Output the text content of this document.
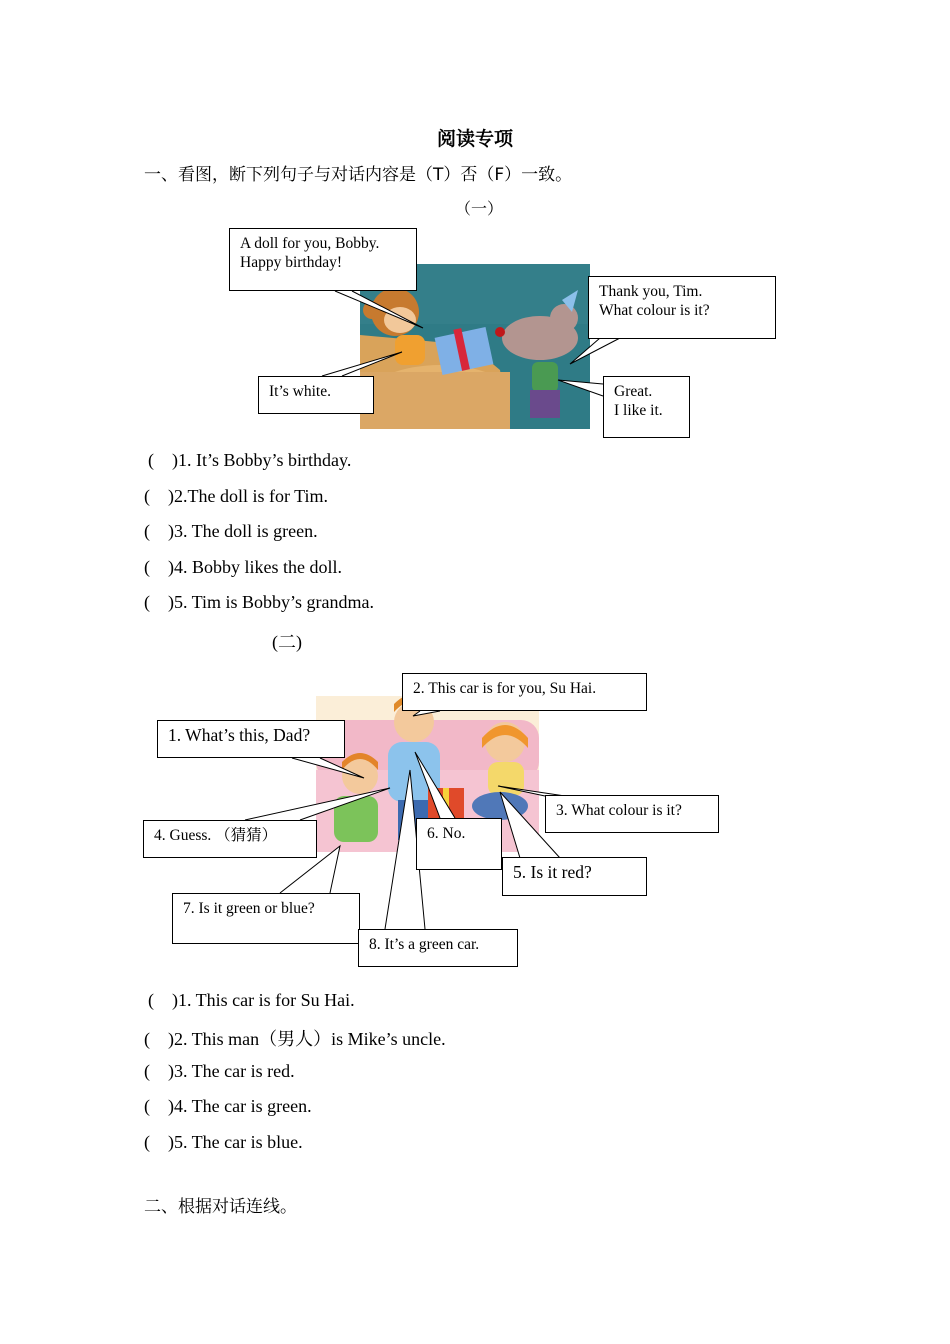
阅读专项
一、看图，断下列句子与对话内容是（T）否（F）一致。
（一）
A doll for you, Bobby.
Happy birthday!
Thank you, Tim.
What colour is it?
It’s white.	Great.
I like it.
( )1. It’s Bobby’s birthday.
( )2.The doll is for Tim.
( )3. The doll is green.
( )4. Bobby likes the doll.
( )5. Tim is Bobby’s grandma.
(二)
2. This car is for you, Su Hai.
1. What’s this, Dad?
3. What colour is it?
4. Guess. （猜猜）	6. No.
5. Is it red?
7. Is it green or blue?
8. It’s a green car.
( )1. This car is for Su Hai.
( )2. This man（男人）is Mike’s uncle.
( )3. The car is red.
( )4. The car is green.
( )5. The car is blue.
二、根据对话连线。
